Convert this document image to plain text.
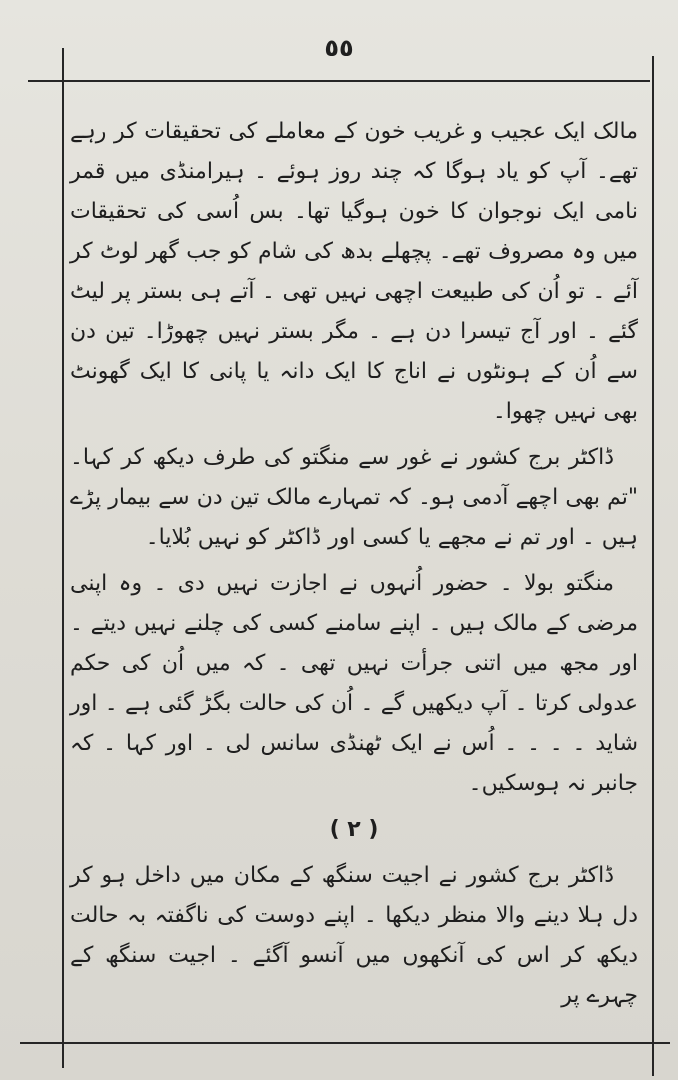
٥٥

مالک ایک عجیب و غریب خون کے معاملے کی تحقیقات کر رہے تھے۔ آپ کو یاد ہوگا کہ چند روز ہوئے ۔ ہیرامنڈی میں قمر نامی ایک نوجوان کا خون ہوگیا تھا۔ بس اُسی کی تحقیقات میں وہ مصروف تھے۔ پچھلے بدھ کی شام کو جب گھر لوٹ کر آئے ۔ تو اُن کی طبیعت اچھی نہیں تھی ۔ آتے ہی بستر پر لیٹ گئے ۔ اور آج تیسرا دن ہے ۔ مگر بستر نہیں چھوڑا۔ تین دن سے اُن کے ہونٹوں نے اناج کا ایک دانہ یا پانی کا ایک گھونٹ بھی نہیں چھوا۔

ڈاکٹر برج کشور نے غور سے منگتو کی طرف دیکھ کر کہا۔ "تم بھی اچھے آدمی ہو۔ کہ تمہارے مالک تین دن سے بیمار پڑے ہیں ۔ اور تم نے مجھے یا کسی اور ڈاکٹر کو نہیں بُلایا۔

منگتو بولا ۔ حضور اُنہوں نے اجازت نہیں دی ۔ وہ اپنی مرضی کے مالک ہیں ۔ اپنے سامنے کسی کی چلنے نہیں دیتے ۔ اور مجھ میں اتنی جرأت نہیں تھی ۔ کہ میں اُن کی حکم عدولی کرتا ۔ آپ دیکھیں گے ۔ اُن کی حالت بگڑ گئی ہے ۔ اور شاید ۔ ۔ ۔ ۔ اُس نے ایک ٹھنڈی سانس لی ۔ اور کہا ۔ کہ جانبر نہ ہوسکیں۔

( ۲ )

ڈاکٹر برج کشور نے اجیت سنگھ کے مکان میں داخل ہو کر دل ہلا دینے والا منظر دیکھا ۔ اپنے دوست کی ناگفتہ بہ حالت دیکھ کر اس کی آنکھوں میں آنسو آگئے ۔ اجیت سنگھ کے چہرے پر
